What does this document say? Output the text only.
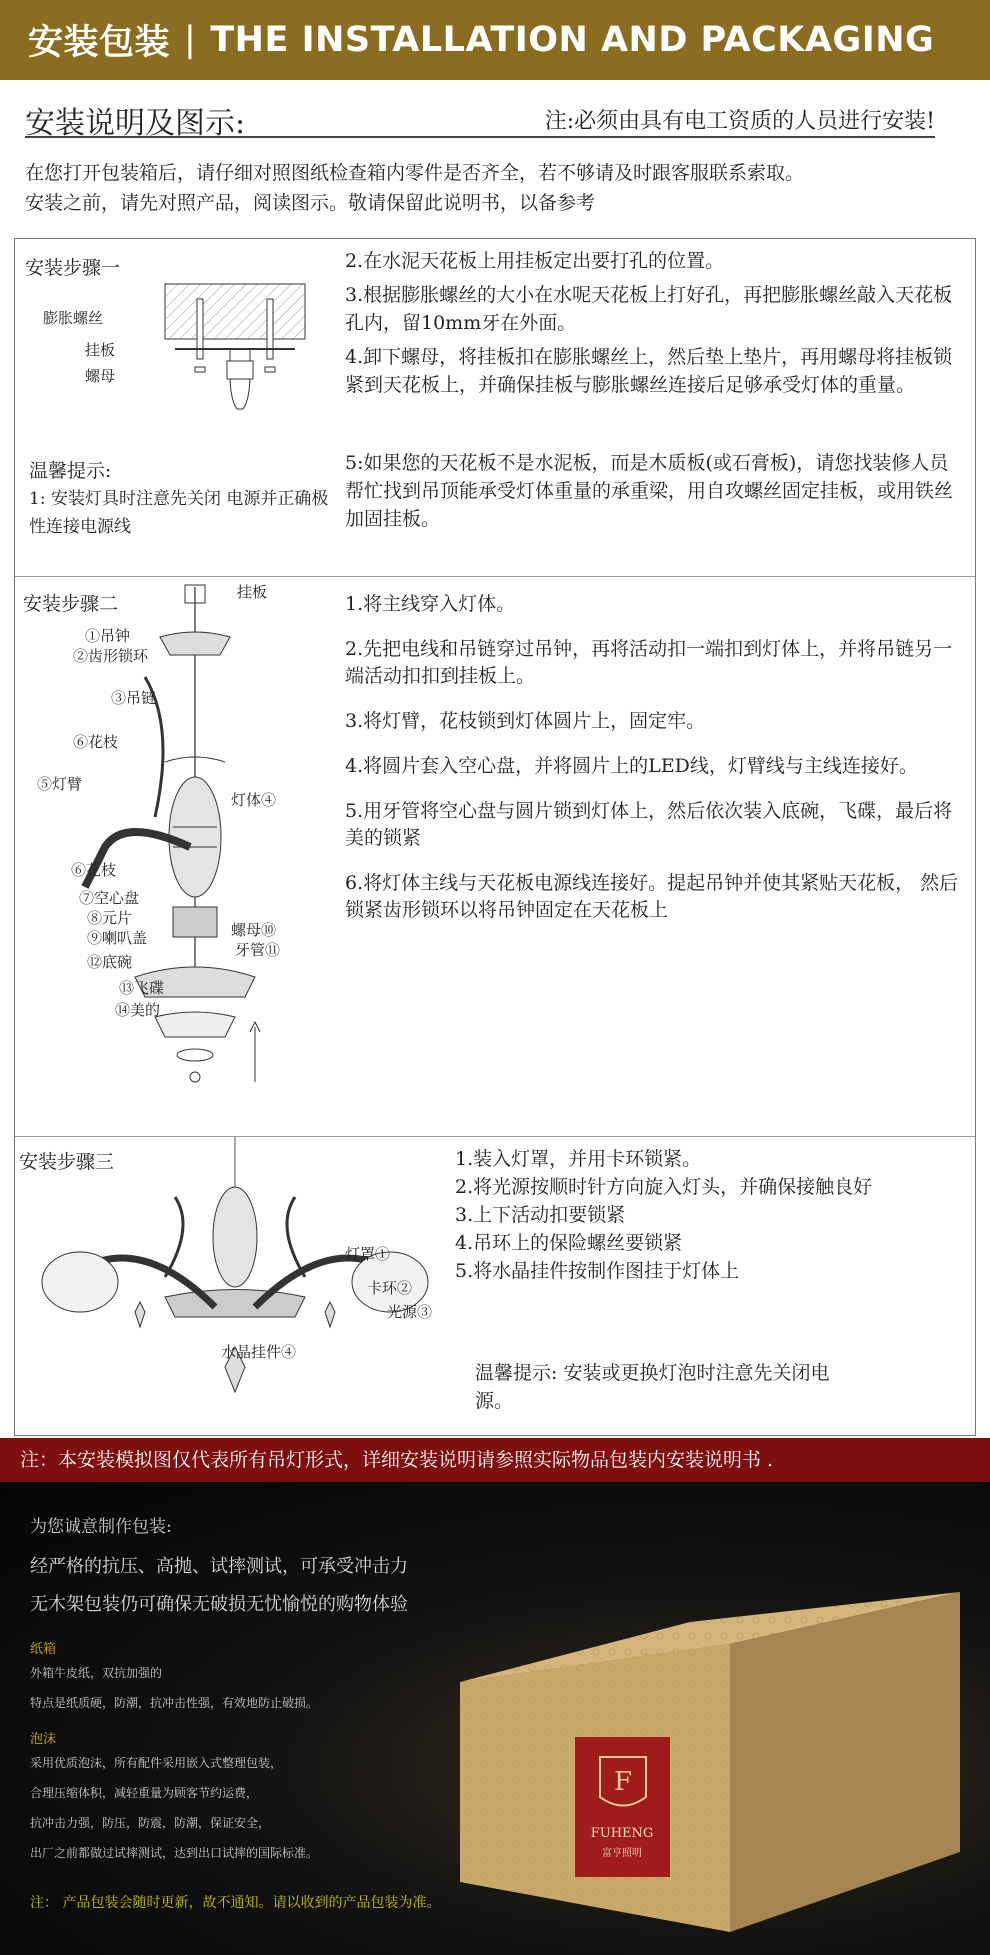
安装包装 | THE INSTALLATION AND PACKAGING
安装说明及图示:	注:必须由具有电工资质的人员进行安装!
在您打开包装箱后，请仔细对照图纸检查箱内零件是否齐全，若不够请及时跟客服联系索取。
安装之前，请先对照产品，阅读图示。敬请保留此说明书，以备参考
安装步骤一
膨胀螺丝
挂板
螺母
2.在水泥天花板上用挂板定出要打孔的位置。
3.根据膨胀螺丝的大小在水呢天花板上打好孔，再把膨胀螺丝敲入天花板孔内，留10mm牙在外面。
4.卸下螺母，将挂板扣在膨胀螺丝上，然后垫上垫片，再用螺母将挂板锁紧到天花板上，并确保挂板与膨胀螺丝连接后足够承受灯体的重量。
5:如果您的天花板不是水泥板，而是木质板(或石膏板)，请您找装修人员帮忙找到吊顶能承受灯体重量的承重梁，用自攻螺丝固定挂板，或用铁丝加固挂板。
温馨提示:
1: 安装灯具时注意先关闭 电源并正确极性连接电源线
安装步骤二
挂板
①吊钟
②齿形锁环
③吊链
⑥花枝
⑤灯臂
灯体④
⑥花枝
⑦空心盘
⑧元片
⑨喇叭盖	螺母⑩
牙管⑪
⑫底碗
⑬飞碟
⑭美的
1.将主线穿入灯体。
2.先把电线和吊链穿过吊钟，再将活动扣一端扣到灯体上，并将吊链另一端活动扣扣到挂板上。
3.将灯臂，花枝锁到灯体圆片上，固定牢。
4.将圆片套入空心盘，并将圆片上的LED线，灯臂线与主线连接好。
5.用牙管将空心盘与圆片锁到灯体上，然后依次装入底碗，飞碟，最后将美的锁紧
6.将灯体主线与天花板电源线连接好。提起吊钟并使其紧贴天花板， 然后锁紧齿形锁环以将吊钟固定在天花板上
安装步骤三
灯罩①
卡环②
光源③
水晶挂件④
1.装入灯罩，并用卡环锁紧。
2.将光源按顺时针方向旋入灯头，并确保接触良好
3.上下活动扣要锁紧
4.吊环上的保险螺丝要锁紧
5.将水晶挂件按制作图挂于灯体上
温馨提示: 安装或更换灯泡时注意先关闭电源。
注：本安装模拟图仅代表所有吊灯形式，详细安装说明请参照实际物品包装内安装说明书 .
为您诚意制作包装:
经严格的抗压、高抛、试摔测试，可承受冲击力
无木架包装仍可确保无破损无忧愉悦的购物体验
纸箱
外箱牛皮纸，双抗加强的
特点是纸质硬，防潮，抗冲击性强，有效地防止破损。
泡沫
采用优质泡沫，所有配件采用嵌入式整理包装，
合理压缩体积，减轻重量为顾客节约运费，
抗冲击力强，防压，防震，防潮，保证安全，
出厂之前都做过试摔测试，达到出口试摔的国际标准。
注： 产品包装会随时更新，故不通知。请以收到的产品包装为准。
F
FUHENG
富亨照明
